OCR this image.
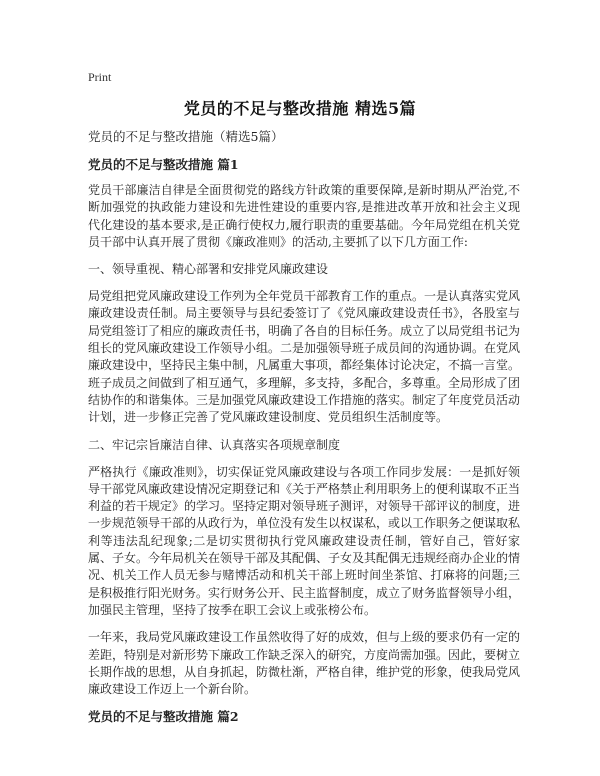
Print
党员的不足与整改措施 精选5篇

党员的不足与整改措施（精选5篇）

党员的不足与整改措施 篇1

党员干部廉洁自律是全面贯彻党的路线方针政策的重要保障,是新时期从严治党,不断加强党的执政能力建设和先进性建设的重要内容,是推进改革开放和社会主义现代化建设的基本要求,是正确行使权力,履行职责的重要基础。今年局党组在机关党员干部中认真开展了贯彻《廉政准则》的活动,主要抓了以下几方面工作:

一、领导重视、精心部署和安排党风廉政建设

局党组把党风廉政建设工作列为全年党员干部教育工作的重点。一是认真落实党风廉政建设责任制。局主要领导与县纪委签订了《党风廉政建设责任书》，各股室与局党组签订了相应的廉政责任书，明确了各自的目标任务。成立了以局党组书记为组长的党风廉政建设工作领导小组。二是加强领导班子成员间的沟通协调。在党风廉政建设中，坚持民主集中制，凡属重大事项，都经集体讨论决定，不搞一言堂。班子成员之间做到了相互通气，多理解，多支持，多配合，多尊重。全局形成了团结协作的和谐集体。三是加强党风廉政建设工作措施的落实。制定了年度党员活动计划，进一步修正完善了党风廉政建设制度、党员组织生活制度等。

二、牢记宗旨廉洁自律、认真落实各项规章制度

严格执行《廉政准则》，切实保证党风廉政建设与各项工作同步发展：一是抓好领导干部党风廉政建设情况定期登记和《关于严格禁止利用职务上的便利谋取不正当利益的若干规定》的学习。坚持定期对领导班子测评，对领导干部评议的制度，进一步规范领导干部的从政行为，单位没有发生以权谋私，或以工作职务之便谋取私利等违法乱纪现象;二是切实贯彻执行党风廉政建设责任制，管好自己，管好家属、子女。今年局机关在领导干部及其配偶、子女及其配偶无违规经商办企业的情况、机关工作人员无参与赌博活动和机关干部上班时间坐茶馆、打麻将的问题;三是积极推行阳光财务。实行财务公开、民主监督制度，成立了财务监督领导小组，加强民主管理，坚持了按季在职工会议上或张榜公布。

一年来，我局党风廉政建设工作虽然收得了好的成效，但与上级的要求仍有一定的差距，特别是对新形势下廉政工作缺乏深入的研究，方度尚需加强。因此，要树立长期作战的思想，从自身抓起，防微杜渐，严格自律，维护党的形象，使我局党风廉政建设工作迈上一个新台阶。

党员的不足与整改措施 篇2
